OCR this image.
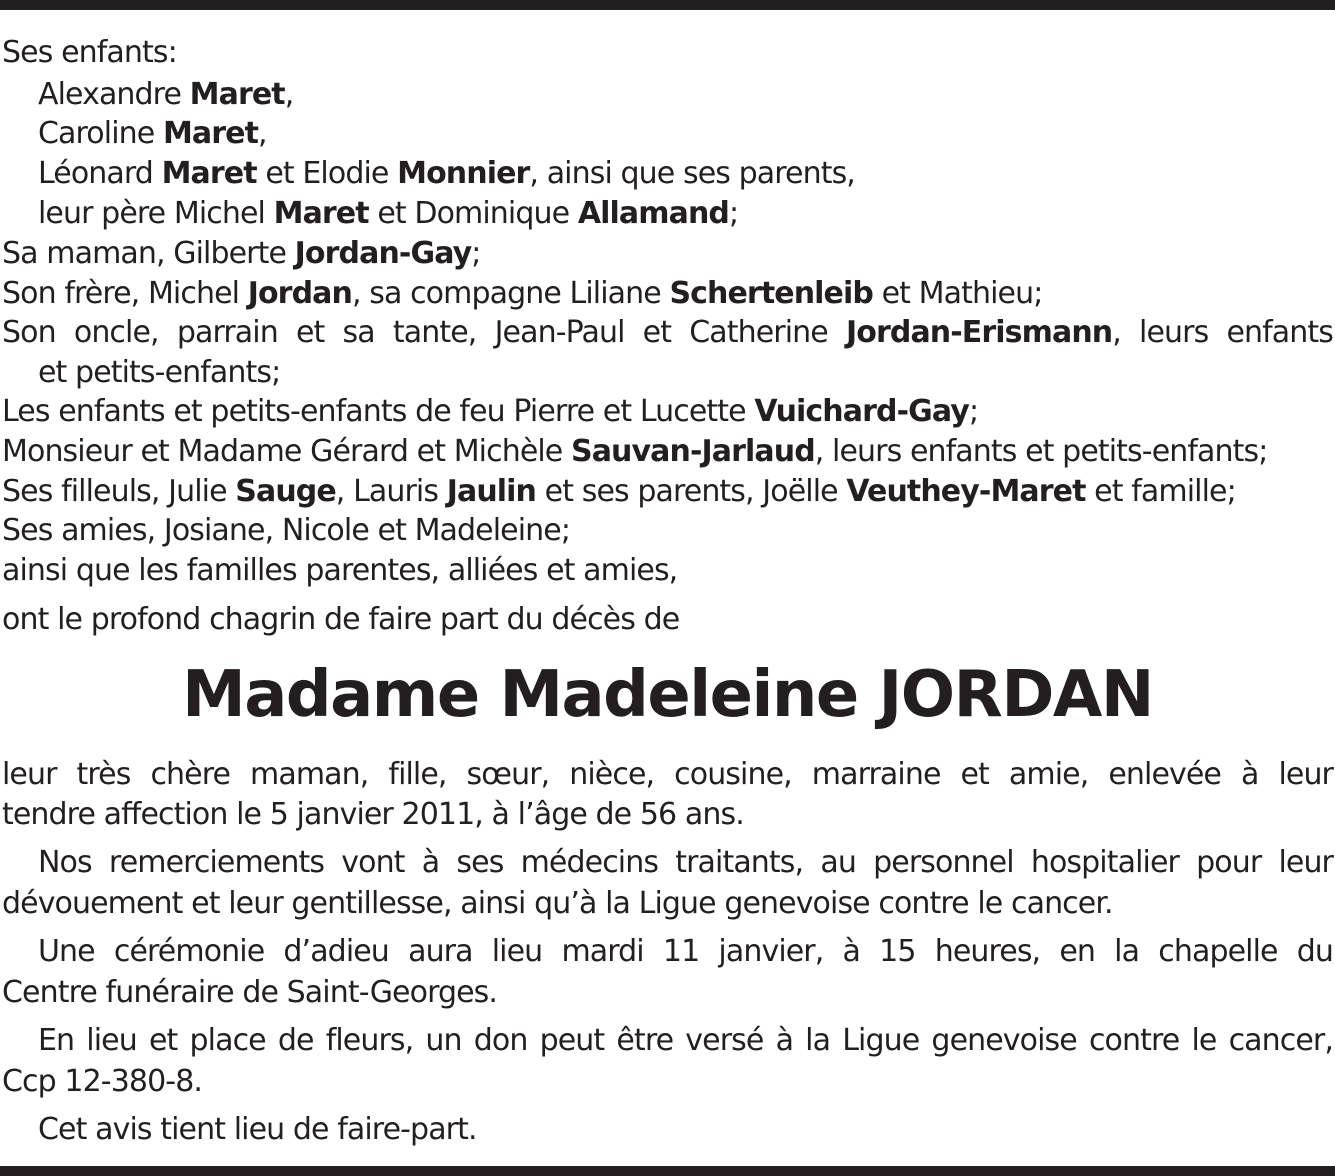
Ses enfants:
Alexandre Maret,
Caroline Maret,
Léonard Maret et Elodie Monnier, ainsi que ses parents,
leur père Michel Maret et Dominique Allamand;
Sa maman, Gilberte Jordan-Gay;
Son frère, Michel Jordan, sa compagne Liliane Schertenleib et Mathieu;
Son oncle, parrain et sa tante, Jean-Paul et Catherine Jordan-Erismann, leurs enfants
et petits-enfants;
Les enfants et petits-enfants de feu Pierre et Lucette Vuichard-Gay;
Monsieur et Madame Gérard et Michèle Sauvan-Jarlaud, leurs enfants et petits-enfants;
Ses filleuls, Julie Sauge, Lauris Jaulin et ses parents, Joëlle Veuthey-Maret et famille;
Ses amies, Josiane, Nicole et Madeleine;
ainsi que les familles parentes, alliées et amies,
ont le profond chagrin de faire part du décès de
Madame Madeleine JORDAN
leur très chère maman, fille, sœur, nièce, cousine, marraine et amie, enlevée à leur
tendre affection le 5 janvier 2011, à l’âge de 56 ans.
Nos remerciements vont à ses médecins traitants, au personnel hospitalier pour leur
dévouement et leur gentillesse, ainsi qu’à la Ligue genevoise contre le cancer.
Une cérémonie d’adieu aura lieu mardi 11 janvier, à 15 heures, en la chapelle du
Centre funéraire de Saint-Georges.
En lieu et place de fleurs, un don peut être versé à la Ligue genevoise contre le cancer,
Ccp 12-380-8.
Cet avis tient lieu de faire-part.
